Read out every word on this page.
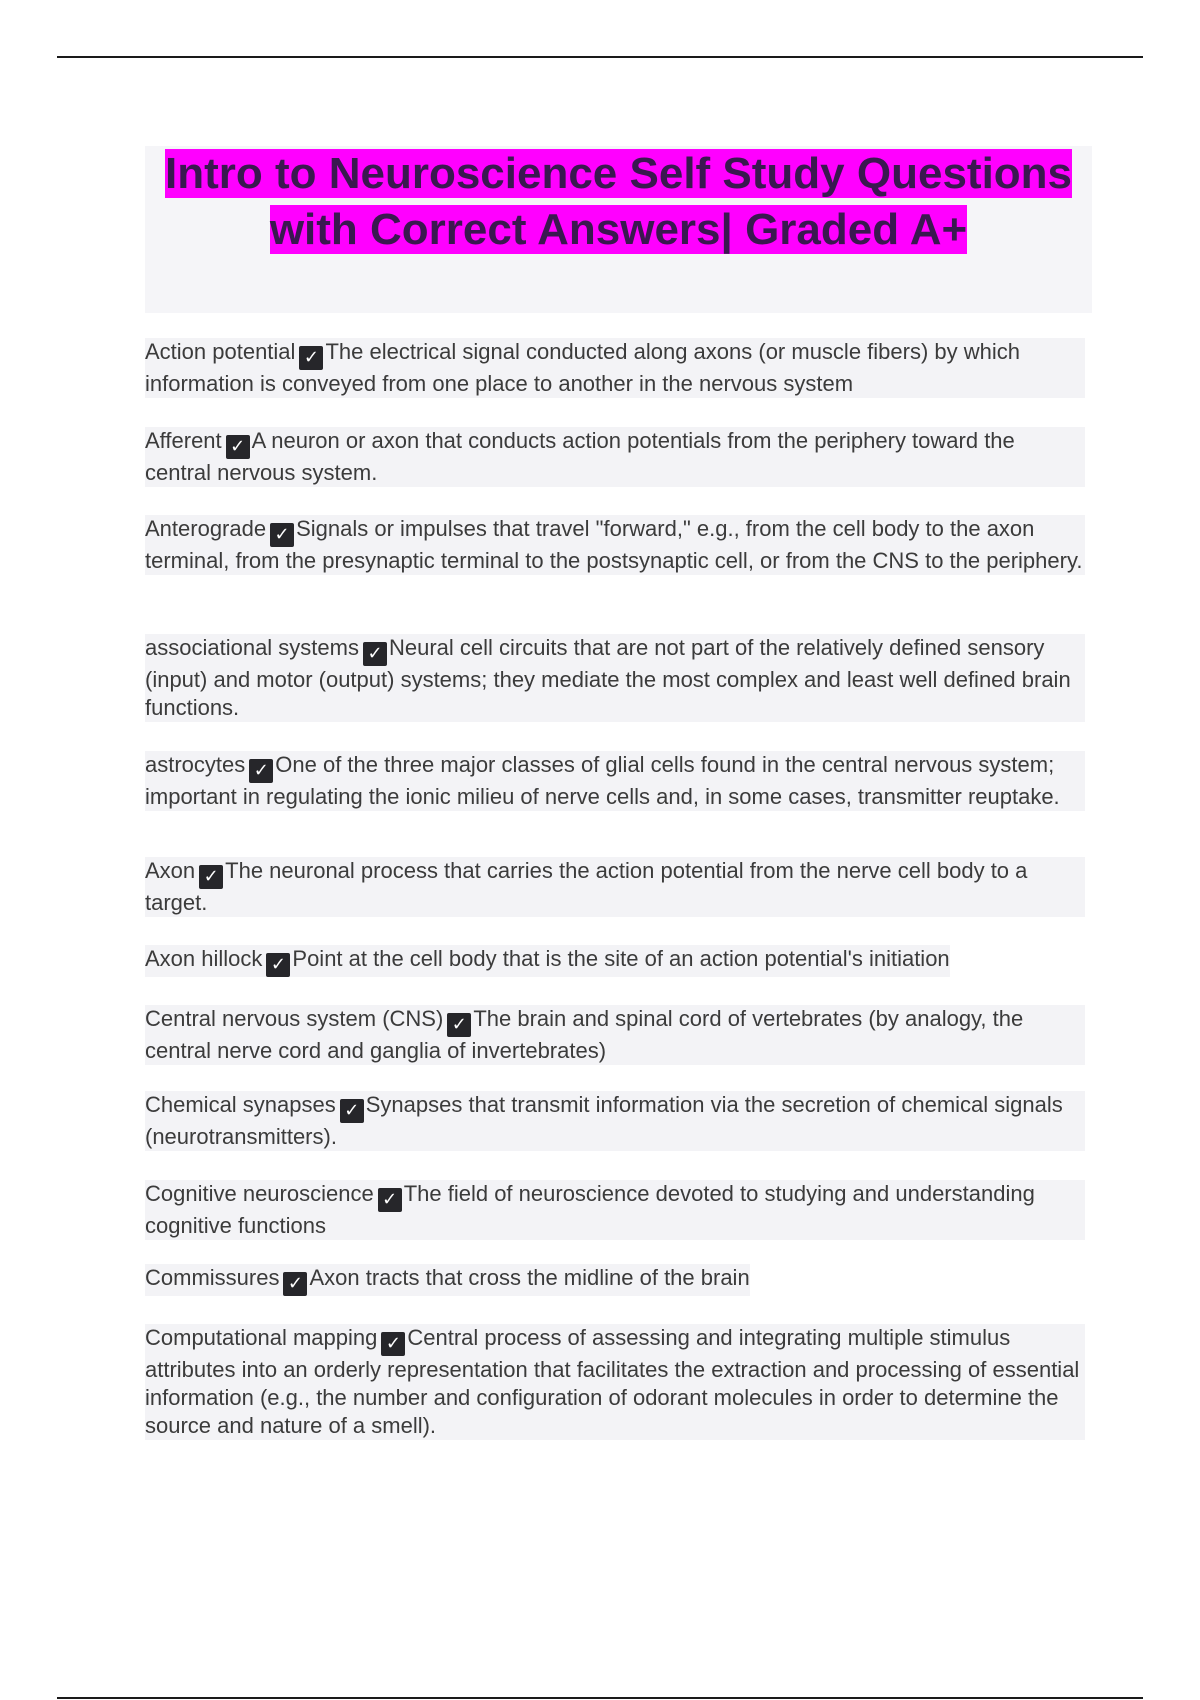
Intro to Neuroscience Self Study Questions with Correct Answers| Graded A+

Action potential ✓ The electrical signal conducted along axons (or muscle fibers) by which information is conveyed from one place to another in the nervous system

Afferent ✓ A neuron or axon that conducts action potentials from the periphery toward the central nervous system.

Anterograde ✓ Signals or impulses that travel "forward," e.g., from the cell body to the axon terminal, from the presynaptic terminal to the postsynaptic cell, or from the CNS to the periphery.

associational systems ✓ Neural cell circuits that are not part of the relatively defined sensory (input) and motor (output) systems; they mediate the most complex and least well defined brain functions.

astrocytes ✓ One of the three major classes of glial cells found in the central nervous system; important in regulating the ionic milieu of nerve cells and, in some cases, transmitter reuptake.

Axon ✓ The neuronal process that carries the action potential from the nerve cell body to a target.

Axon hillock ✓ Point at the cell body that is the site of an action potential's initiation

Central nervous system (CNS) ✓ The brain and spinal cord of vertebrates (by analogy, the central nerve cord and ganglia of invertebrates)

Chemical synapses ✓ Synapses that transmit information via the secretion of chemical signals (neurotransmitters).

Cognitive neuroscience ✓ The field of neuroscience devoted to studying and understanding cognitive functions

Commissures ✓ Axon tracts that cross the midline of the brain

Computational mapping ✓ Central process of assessing and integrating multiple stimulus attributes into an orderly representation that facilitates the extraction and processing of essential information (e.g., the number and configuration of odorant molecules in order to determine the source and nature of a smell).
